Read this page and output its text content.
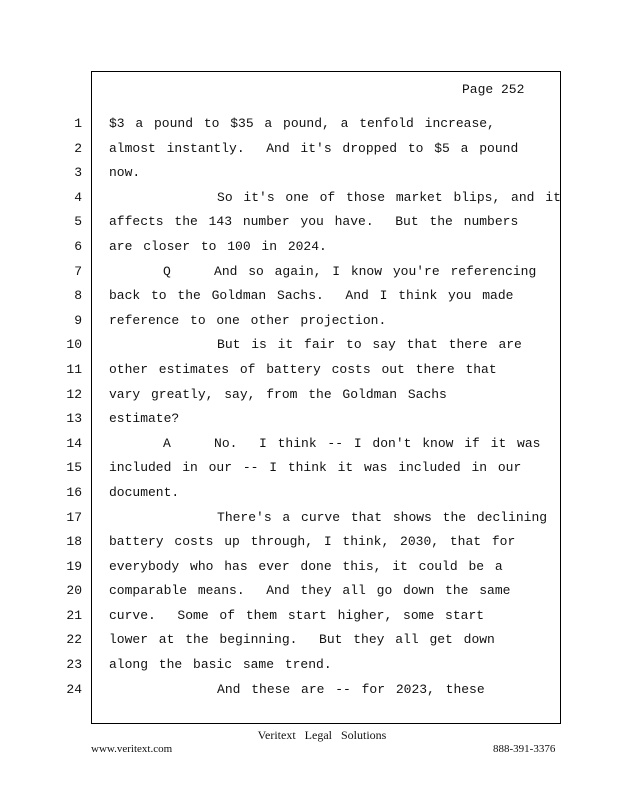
Page 252
1
2
3
4
5
6
7
8
9
10
11
12
13
14
15
16
17
18
19
20
21
22
23
24
$3 a pound to $35 a pound, a tenfold increase,
almost instantly.  And it's dropped to $5 a pound
now.
So it's one of those market blips, and it
affects the 143 number you have.  But the numbers
are closer to 100 in 2024.
Q    And so again, I know you're referencing
back to the Goldman Sachs.  And I think you made
reference to one other projection.
But is it fair to say that there are
other estimates of battery costs out there that
vary greatly, say, from the Goldman Sachs
estimate?
A    No.  I think -- I don't know if it was
included in our -- I think it was included in our
document.
There's a curve that shows the declining
battery costs up through, I think, 2030, that for
everybody who has ever done this, it could be a
comparable means.  And they all go down the same
curve.  Some of them start higher, some start
lower at the beginning.  But they all get down
along the basic same trend.
And these are -- for 2023, these
Veritext Legal Solutions
www.veritext.com	888-391-3376
